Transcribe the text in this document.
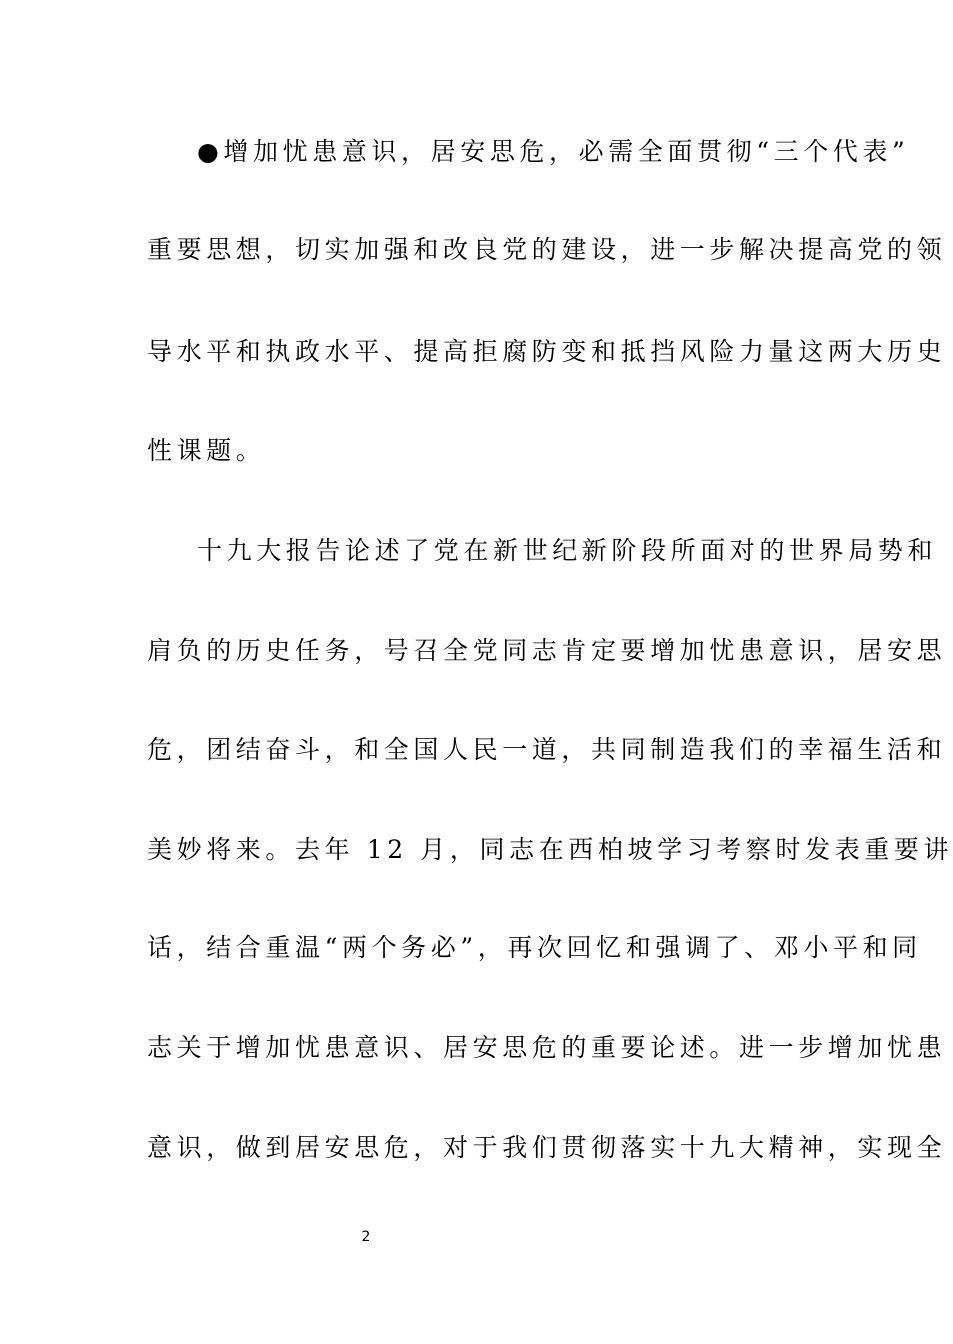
●增加忧患意识，居安思危，必需全面贯彻“三个代表”
重要思想，切实加强和改良党的建设，进一步解决提高党的领
导水平和执政水平、提高拒腐防变和抵挡风险力量这两大历史
性课题。
十九大报告论述了党在新世纪新阶段所面对的世界局势和
肩负的历史任务，号召全党同志肯定要增加忧患意识，居安思
危，团结奋斗，和全国人民一道，共同制造我们的幸福生活和
美妙将来。去年 12 月，同志在西柏坡学习考察时发表重要讲
话，结合重温“两个务必”，再次回忆和强调了、邓小平和同
志关于增加忧患意识、居安思危的重要论述。进一步增加忧患
意识，做到居安思危，对于我们贯彻落实十九大精神，实现全
2
